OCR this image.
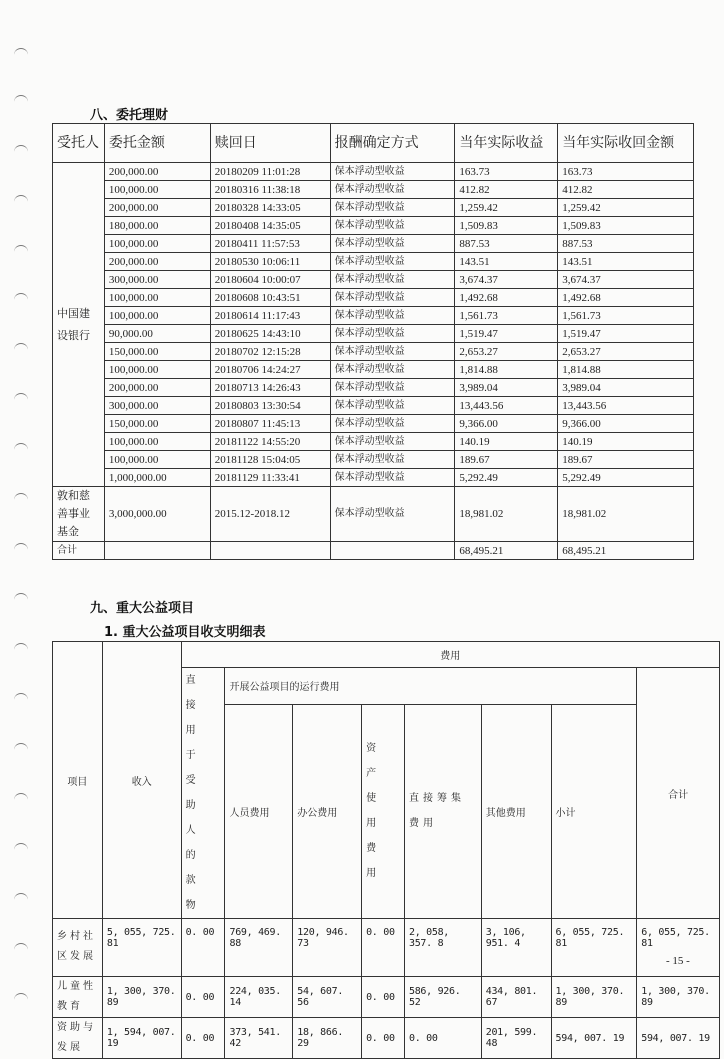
八、委托理财
受托人	委托金额	赎回日	报酬确定方式	当年实际收益	当年实际收回金额
中国建设银行	200,000.00	20180209 11:01:28	保本浮动型收益	163.73	163.73
	100,000.00	20180316 11:38:18	保本浮动型收益	412.82	412.82
	200,000.00	20180328 14:33:05	保本浮动型收益	1,259.42	1,259.42
	180,000.00	20180408 14:35:05	保本浮动型收益	1,509.83	1,509.83
	100,000.00	20180411 11:57:53	保本浮动型收益	887.53	887.53
	200,000.00	20180530 10:06:11	保本浮动型收益	143.51	143.51
	300,000.00	20180604 10:00:07	保本浮动型收益	3,674.37	3,674.37
	100,000.00	20180608 10:43:51	保本浮动型收益	1,492.68	1,492.68
	100,000.00	20180614 11:17:43	保本浮动型收益	1,561.73	1,561.73
	90,000.00	20180625 14:43:10	保本浮动型收益	1,519.47	1,519.47
	150,000.00	20180702 12:15:28	保本浮动型收益	2,653.27	2,653.27
	100,000.00	20180706 14:24:27	保本浮动型收益	1,814.88	1,814.88
	200,000.00	20180713 14:26:43	保本浮动型收益	3,989.04	3,989.04
	300,000.00	20180803 13:30:54	保本浮动型收益	13,443.56	13,443.56
	150,000.00	20180807 11:45:13	保本浮动型收益	9,366.00	9,366.00
	100,000.00	20181122 14:55:20	保本浮动型收益	140.19	140.19
	100,000.00	20181128 15:04:05	保本浮动型收益	189.67	189.67
	1,000,000.00	20181129 11:33:41	保本浮动型收益	5,292.49	5,292.49
敦和慈善事业基金	3,000,000.00	2015.12-2018.12	保本浮动型收益	18,981.02	18,981.02
合计				68,495.21	68,495.21
九、重大公益项目
1. 重大公益项目收支明细表
项目	收入	费用							
		直接用于受助人的款物	开展公益项目的运行费用						合计
			人员费用	办公费用	资产使用费用	直接筹集费用	其他费用	小计	

乡村社区发展	5, 055, 725. 81	0. 00	769, 469. 88	120, 946. 73	0. 00	2, 058, 357. 8	3, 106, 951. 4	6, 055, 725. 81	6, 055, 725. 81
儿童性教育	1, 300, 370. 89	0. 00	224, 035. 14	54, 607. 56	0. 00	586, 926. 52	434, 801. 67	1, 300, 370. 89	1, 300, 370. 89
资助与发展	1, 594, 007. 19	0. 00	373, 541. 42	18, 866. 29	0. 00	0. 00	201, 599. 48	594, 007. 19	594, 007. 19
- 15 -
